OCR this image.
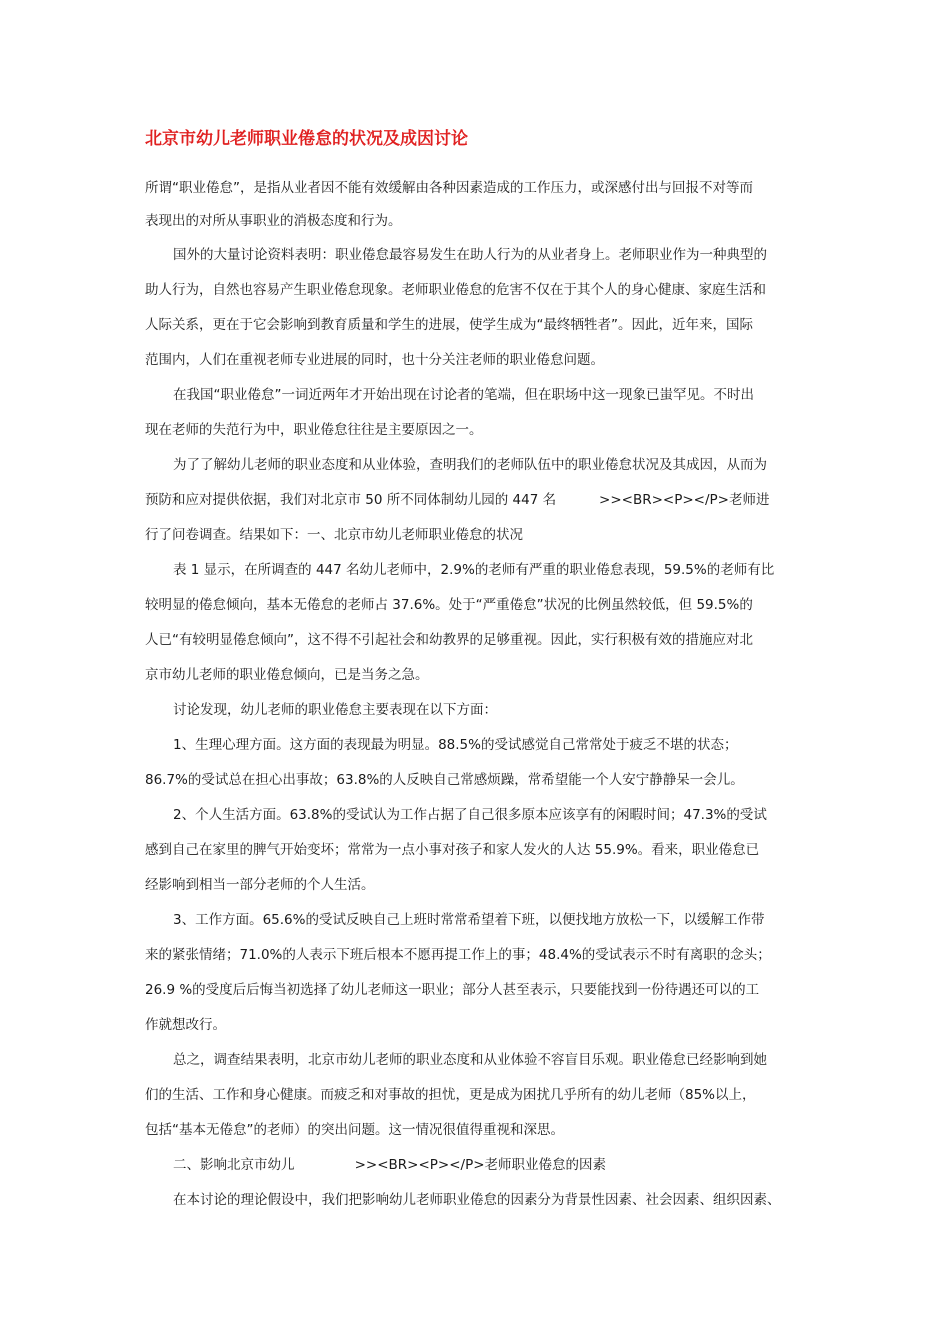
北京市幼儿老师职业倦怠的状况及成因讨论
所谓“职业倦怠”，是指从业者因不能有效缓解由各种因素造成的工作压力，或深感付出与回报不对等而
表现出的对所从事职业的消极态度和行为。
国外的大量讨论资料表明：职业倦怠最容易发生在助人行为的从业者身上。老师职业作为一种典型的
助人行为，自然也容易产生职业倦怠现象。老师职业倦怠的危害不仅在于其个人的身心健康、家庭生活和
人际关系，更在于它会影响到教育质量和学生的进展，使学生成为“最终牺牲者”。因此，近年来，国际
范围内，人们在重视老师专业进展的同时，也十分关注老师的职业倦怠问题。
在我国“职业倦怠”一词近两年才开始出现在讨论者的笔端，但在职场中这一现象已蚩罕见。不时出
现在老师的失范行为中，职业倦怠往往是主要原因之一。
为了了解幼儿老师的职业态度和从业体验，查明我们的老师队伍中的职业倦怠状况及其成因，从而为
预防和应对提供依据，我们对北京市 50 所不同体制幼儿园的 447 名          >><BR><P></P>老师进
行了问卷调查。结果如下：一、北京市幼儿老师职业倦怠的状况
表 1 显示，在所调查的 447 名幼儿老师中，2.9%的老师有严重的职业倦怠表现，59.5%的老师有比
较明显的倦怠倾向，基本无倦怠的老师占 37.6%。处于“严重倦怠”状况的比例虽然较低，但 59.5%的
人已“有较明显倦怠倾向”，这不得不引起社会和幼教界的足够重视。因此，实行积极有效的措施应对北
京市幼儿老师的职业倦怠倾向，已是当务之急。
讨论发现，幼儿老师的职业倦怠主要表现在以下方面：
1、生理心理方面。这方面的表现最为明显。88.5%的受试感觉自己常常处于疲乏不堪的状态；
86.7%的受试总在担心出事故；63.8%的人反映自己常感烦躁，常希望能一个人安宁静静呆一会儿。
2、个人生活方面。63.8%的受试认为工作占据了自己很多原本应该享有的闲暇时间；47.3%的受试
感到自己在家里的脾气开始变坏；常常为一点小事对孩子和家人发火的人达 55.9%。看来，职业倦怠已
经影响到相当一部分老师的个人生活。
3、工作方面。65.6%的受试反映自己上班时常常希望着下班，以便找地方放松一下，以缓解工作带
来的紧张情绪；71.0%的人表示下班后根本不愿再提工作上的事；48.4%的受试表示不时有离职的念头；
26.9 %的受度后后悔当初选择了幼儿老师这一职业；部分人甚至表示，只要能找到一份待遇还可以的工
作就想改行。
总之，调查结果表明，北京市幼儿老师的职业态度和从业体验不容盲目乐观。职业倦怠已经影响到她
们的生活、工作和身心健康。而疲乏和对事故的担忧，更是成为困扰几乎所有的幼儿老师（85%以上，
包括“基本无倦怠”的老师）的突出问题。这一情况很值得重视和深思。
二、影响北京市幼儿              >><BR><P></P>老师职业倦怠的因素
在本讨论的理论假设中，我们把影响幼儿老师职业倦怠的因素分为背景性因素、社会因素、组织因素、
